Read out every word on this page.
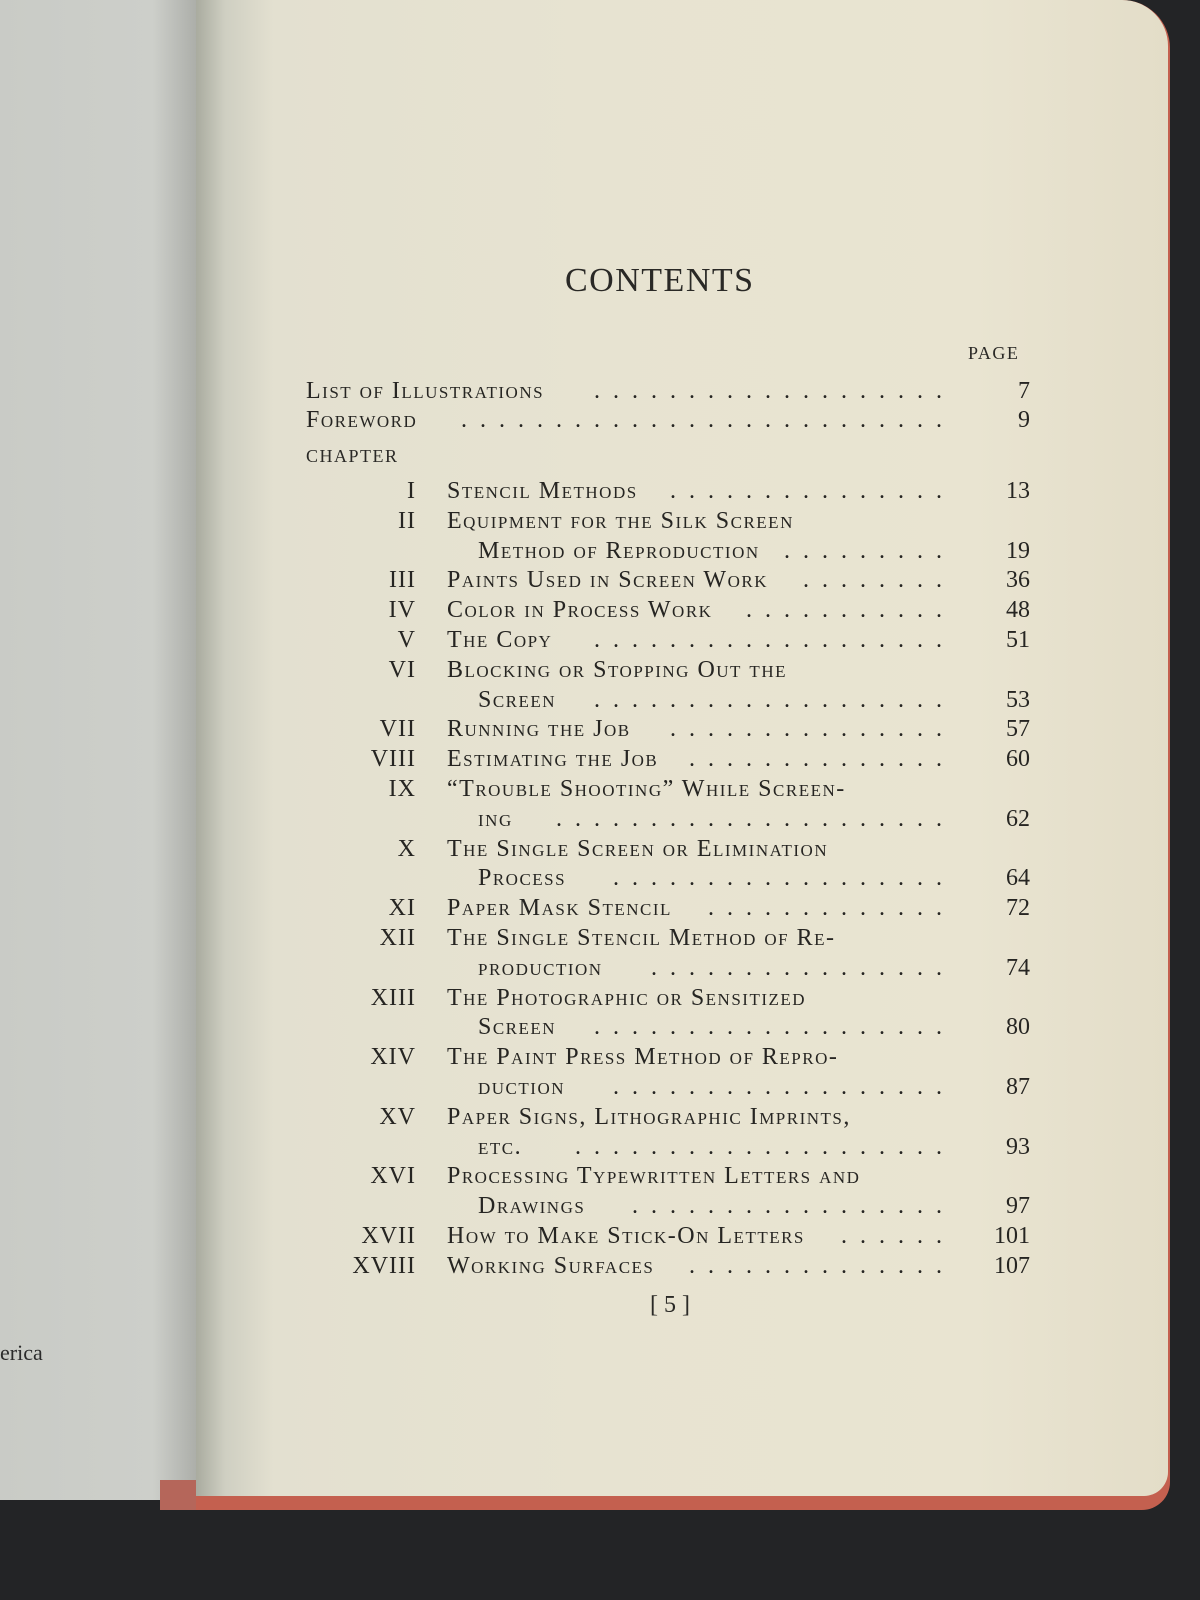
erica
CONTENTS
PAGE
CHAPTER
List of Illustrations	...................	7
Foreword	..........................	9
I Stencil Methods	...............	13
II Equipment for the Silk Screen
Method of Reproduction	.........	19
III Paints Used in Screen Work	........	36
IV Color in Process Work	...........	48
V The Copy	...................	51
VI Blocking or Stopping Out the
Screen	...................	53
VII Running the Job	...............	57
VIII Estimating the Job	..............	60
IX “Trouble Shooting” While Screen-
ing	.....................	62
X The Single Screen or Elimination
Process	..................	64
XI Paper Mask Stencil	.............	72
XII The Single Stencil Method of Re-
production	................	74
XIII The Photographic or Sensitized
Screen	...................	80
XIV The Paint Press Method of Repro-
duction	..................	87
XV Paper Signs, Lithographic Imprints,
etc.	....................	93
XVI Processing Typewritten Letters and
Drawings	.................	97
XVII How to Make Stick-On Letters	......	101
XVIII Working Surfaces	..............	107
[ 5 ]
